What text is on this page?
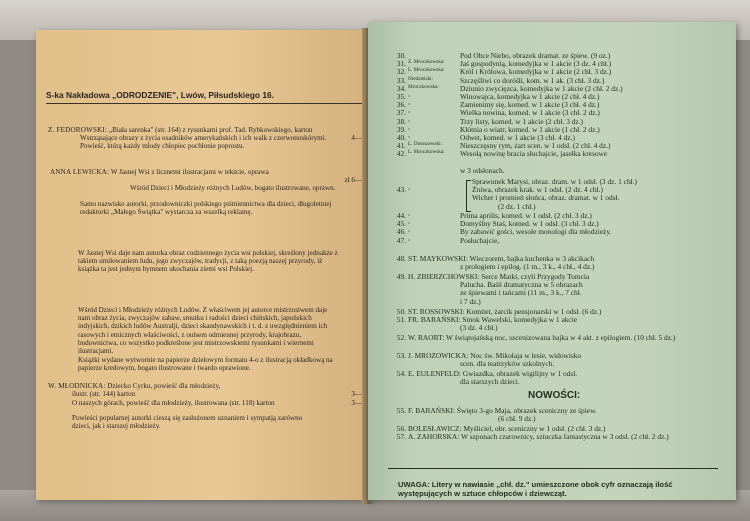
S-ka Nakładowa „ODRODZENIE", Lwów, Piłsudskiego 16.
Z. FEDOROWSKI: „Biała sarenka" (str. 164) z rysunkami prof. Tad. Rybkowskiego, karton
Wstrząsające obrazy z życia osadników amerykańskich i ich walk z czerwonoskórymi. Powieść, którą każdy młody chłopiec pochłonie poprostu.
4—
ANNA LEWICKA: W Jasnej Wsi z licznemi ilustracjami w tekście, oprawa
zł 6—
Wśród Dzieci i Młodzieży różnych Ludów, bogato ilustrowane, oprawn.
Samo nazwisko autorki, przodowniczki polskiego piśmiennictwa dla dzieci, długoletniej redaktorki „Małego Świątka" wystarcza za wszelką reklamę.
W Jasnej Wsi daje nam autorka obraz codziennego życia wsi polskiej, skreślony jednakże z takiem umiłowaniem ludu, jego zwyczajów, tradycji, z taką poezją naszej przyrody, iż książka ta jest jednym hymnem ukochania ziemi wsi Polskiej.
Wśród Dzieci i Młodzieży różnych Ludów. Z właściwem jej autorce mistrzostwem daje nam obraz życia, zwyczajów zabaw, smutku i radości dzieci chińskich, japońskich indyjskich, dzikich ludów Australji, dzieci skandynawskich i t. d. z uwzględnieniem ich rasowych i etnicznych właściwości, z oulsem odmiennej przyrody, krajobrazu, budownictwa, co wszystko podkreślone jest mistrzowskiemi rysunkami i wiernemi ilustracjami.
Książki wydane wytwornie na papierze dziełowym formatu 4-o z ilustracją okładkową na papierze kredowym, bogato ilustrowane i twardo oprawione.
W. MŁODNICKA: Dziecko Cyrku, powieść dla młodzieży,
ilustr. (str. 144) karton	3—
O naszych górach, powieść dla młodzieży, ilustrowana (str. 118) karton	3—
Powieści popularnej autorki cieszą się zasłużonem uznaniem i sympatją zarówno dzieci, jak i starszej młodzieży.
30.	Pod Obce Niebo, obrazek dramat. ze śpiew. (9 oz.)
31. Z. Mroczkowska:	Jaś gospodynią, komedyjka w 1 akcie (3 dz. 4 chł.)
32. L. Mroczkowska:	Król i Królowa, komedyjka w 1 akcie (2 chł. 3 dz.)
33. Niedzielski:	Szczęśliwi co doróśli, kom. w 1 ak. (3 chł. 3 dz.)
34. Mroczkowska:	Dziunio zwycięzca, komedyjka w 1 akcie (2 chł. 2 dz.)
35. „	Winowajca, komedyjka w 1 akcie (2 chł. 4 dz.)
36. „	Zamienimy się, komed. w 1 akcie (3 chł. 4 dz.)
37. „	Wielka nowina, komed. w 1 akcie (3 chł. 2 dz.)
38. „	Trzy listy, komed. w 1 akcie (2 chł. 3 dz.)
39. „	Kłótnia o wiatr, komed. w 1 akcie (1 chł. 2 dz.)
40. „	Odwet, komed. w 1 akcie (3 chł. 4 dz.)
41. L. Dmoszewski:	Nieszczęsny rym, żart scen. w 1 odsł. (2 chł. 4 dz.)
42. L. Mroczkowska:	Wesołą nowinę bracia słuchajcie, jasełka kresowe
w 3 odsłonach.
Sprawunek Marysi, obraz. dram. w 1 odsł. (3 dz. 1 chł.)
43. „	Żniwa, obrazek krak. w 1 odsł. (2 dz. 4 chł.)
Wicher i promień słońca, obraz. dramat. w 1 odsł.
(2 dz. 1 chł.)
44. „	Prima aprilis, komed. w 1 odsł. (2 chł. 3 dz.)
45. „	Domyślny Staś, komed. w 1 odsł. (3 chł. 3 dz.)
46. „	By zabawić gości, wesołe monologi dla młodzieży.
47. „	Posłuchajcie,
48. ST. MAYKOWSKI: Wieczorem, bajka kuchenka w 3 akcikach
z prologiem i epilog. (1 m., 3 k., 4 chł., 4 dz.)
49. H. ZBIERZCHOWSKI: Serce Matki, czyli Przygody Tomcia
Palucha. Baśń dramatyczna w 5 obrazach
ze śpiewami i tańcami (11 m., 3 k., 7 chł.
i 7 dz.)
50. ST. ROSSOWSKI: Komitet, żarcik pensjonarski w 1 odsł. (6 dz.)
51. FR. BARAŃSKI: Smok Wawelski, komedyjka w 1 akcie
(3 dz. 4 chł.)
52. W. RAORT: W świątojańską noc, uscenizowana bajka w 4 akt. z epilogiem. (10 chł. 5 dz.)
53. J. MROZOWICKA: Noc św. Mikołaja w lesie, widowisko
scen. dla teatrzyków szkolnych.
54. E. EULENFELD: Gwiazdka, obrazek wigilijny w 1 odsł.
dla starszych dzieci.
NOWOŚCI:
55. F. BARAŃSKI: Święto 3-go Maja, obrazek sceniczny ze śpiew.
(6 chł. 9 dz.)
56. BOLESŁAWICZ: Myśliciel, obr. sceniczny w 1 odsł. (2 chł. 3 dz.)
57. A. ZAHORSKA: W szponach czarownicy, sztuczka fantastyczna w 3 odsł. (2 chł. 2 dz.)
UWAGA: Litery w nawiasie „chł. dz." umieszczone obok cyfr oznaczają ilość występujących w sztuce chłopców i dziewcząt.
